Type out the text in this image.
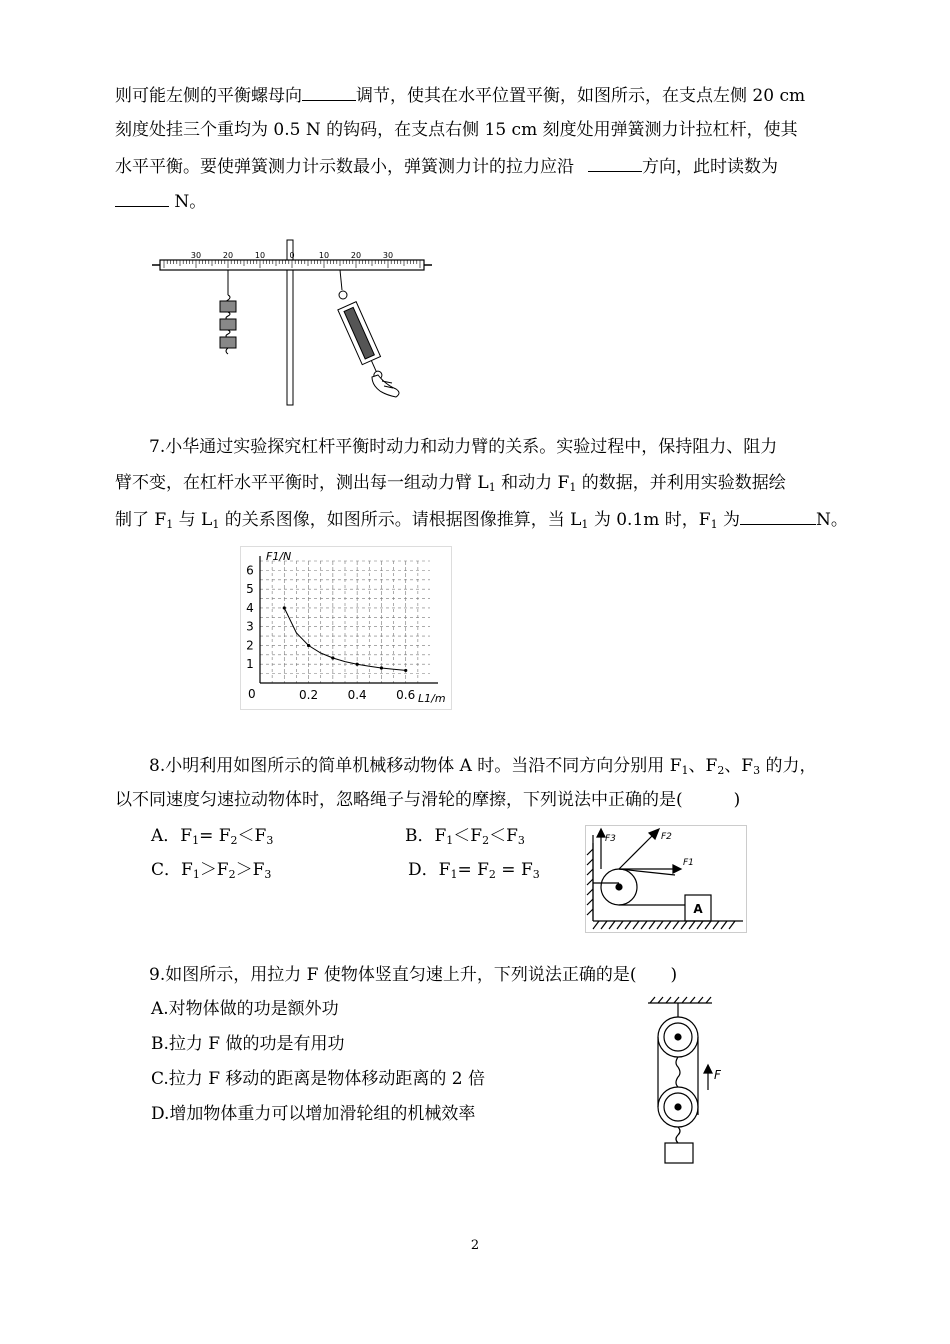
则可能左侧的平衡螺母向	调节，使其在水平位置平衡，如图所示，在支点左侧 20 cm
刻度处挂三个重均为 0.5 N 的钩码，在支点右侧 15 cm 刻度处用弹簧测力计拉杠杆，使其
水平平衡。要使弹簧测力计示数最小，弹簧测力计的拉力应沿	方向，此时读数为
N。
30	20	10	0	10	20	30
7.小华通过实验探究杠杆平衡时动力和动力臂的关系。实验过程中，保持阻力、阻力
臂不变，在杠杆水平平衡时，测出每一组动力臂 $L_1$ 和动力 $F_1$ 的数据，并利用实验数据绘
制了 $F_1$ 与 $L_1$ 的关系图像，如图所示。请根据图像推算，当 $L_1$ 为 0.1m 时，$F_1$ 为	N。
F1/N
L1/m
0	0.2 0.4 0.6
1
2
3
4
5
6
8.小明利用如图所示的简单机械移动物体 A 时。当沿不同方向分别用 $F_1$、$F_2$、$F_3$ 的力，
以不同速度匀速拉动物体时，忽略绳子与滑轮的摩擦，下列说法中正确的是(　　　)
A．$F_1= F_2<F_3$	B．$F_1<F_2<F_3$
C．$F_1>F_2>F_3$	D．$F_1= F_2 = F_3$
A
F3	F2
F1
9.如图所示，用拉力 F 使物体竖直匀速上升，下列说法正确的是(　　)
A.对物体做的功是额外功
B.拉力 F 做的功是有用功
C.拉力 F 移动的距离是物体移动距离的 2 倍
D.增加物体重力可以增加滑轮组的机械效率
F
2
